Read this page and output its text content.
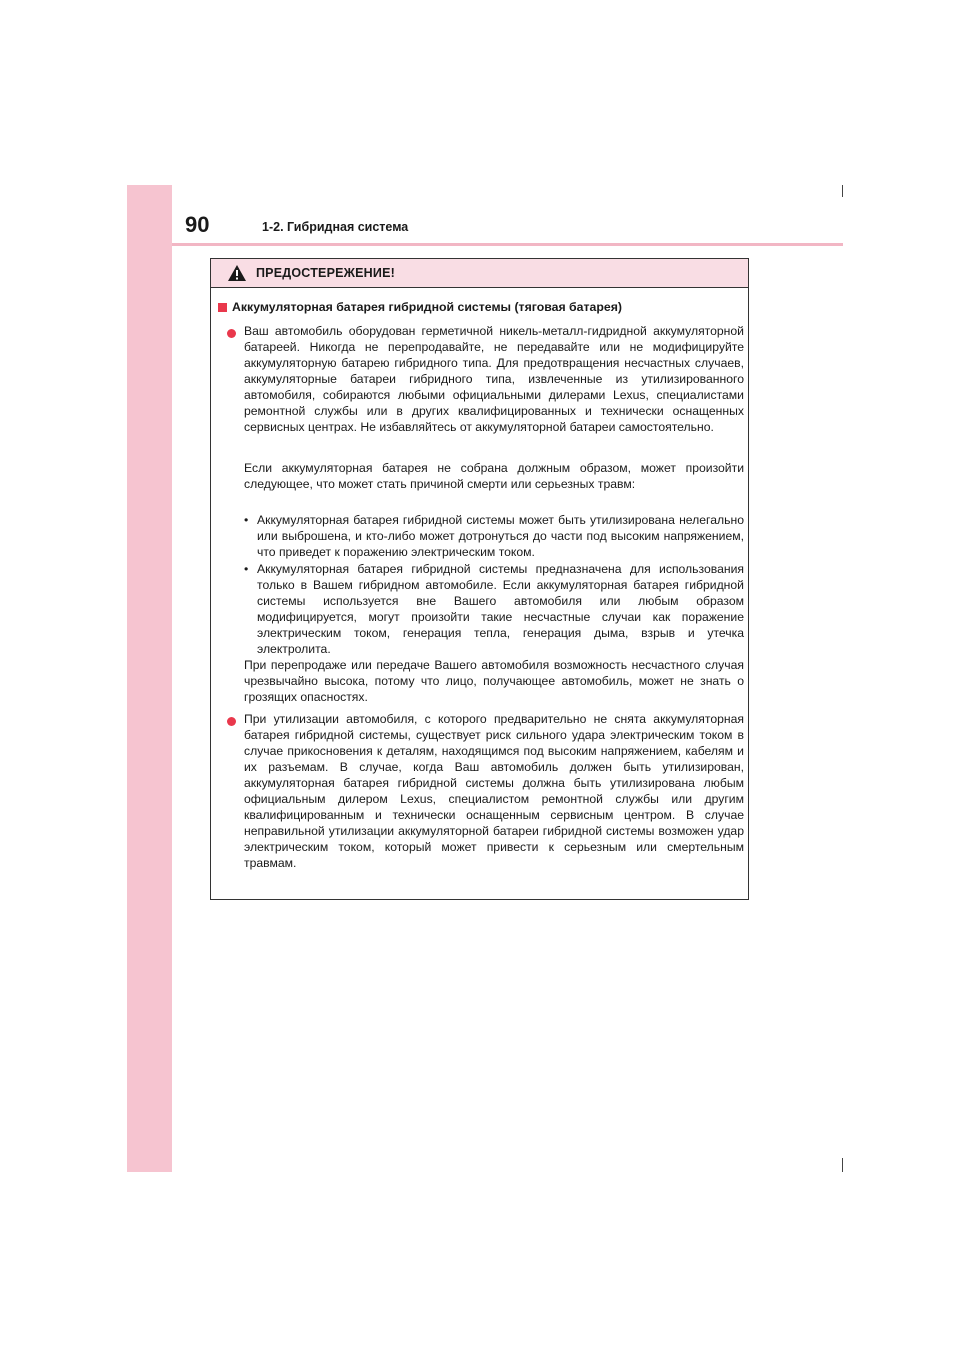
90	1-2. Гибридная система
ПРЕДОСТЕРЕЖЕНИЕ!
Аккумуляторная батарея гибридной системы (тяговая батарея)

Ваш автомобиль оборудован герметичной никель-металл-гидридной аккумуляторной батареей. Никогда не перепродавайте, не передавайте или не модифицируйте аккумуляторную батарею гибридного типа. Для предотвращения несчастных случаев, аккумуляторные батареи гибридного типа, извлеченные из утилизированного автомобиля, собираются любыми официальными дилерами Lexus, специалистами ремонтной службы или в других квалифицированных и технически оснащенных сервисных центрах. Не избавляйтесь от аккумуляторной батареи самостоятельно.

Если аккумуляторная батарея не собрана должным образом, может произойти следующее, что может стать причиной смерти или серьезных травм:

• Аккумуляторная батарея гибридной системы может быть утилизирована нелегально или выброшена, и кто-либо может дотронуться до части под высоким напряжением, что приведет к поражению электрическим током.
• Аккумуляторная батарея гибридной системы предназначена для использования только в Вашем гибридном автомобиле. Если аккумуляторная батарея гибридной системы используется вне Вашего автомобиля или любым образом модифицируется, могут произойти такие несчастные случаи как поражение электрическим током, генерация тепла, генерация дыма, взрыв и утечка электролита.

При перепродаже или передаче Вашего автомобиля возможность несчастного случая чрезвычайно высока, потому что лицо, получающее автомобиль, может не знать о грозящих опасностях.

При утилизации автомобиля, с которого предварительно не снята аккумуляторная батарея гибридной системы, существует риск сильного удара электрическим током в случае прикосновения к деталям, находящимся под высоким напряжением, кабелям и их разъемам. В случае, когда Ваш автомобиль должен быть утилизирован, аккумуляторная батарея гибридной системы должна быть утилизирована любым официальным дилером Lexus, специалистом ремонтной службы или другим квалифицированным и технически оснащенным сервисным центром. В случае неправильной утилизации аккумуляторной батареи гибридной системы возможен удар электрическим током, который может привести к серьезным или смертельным травмам.
